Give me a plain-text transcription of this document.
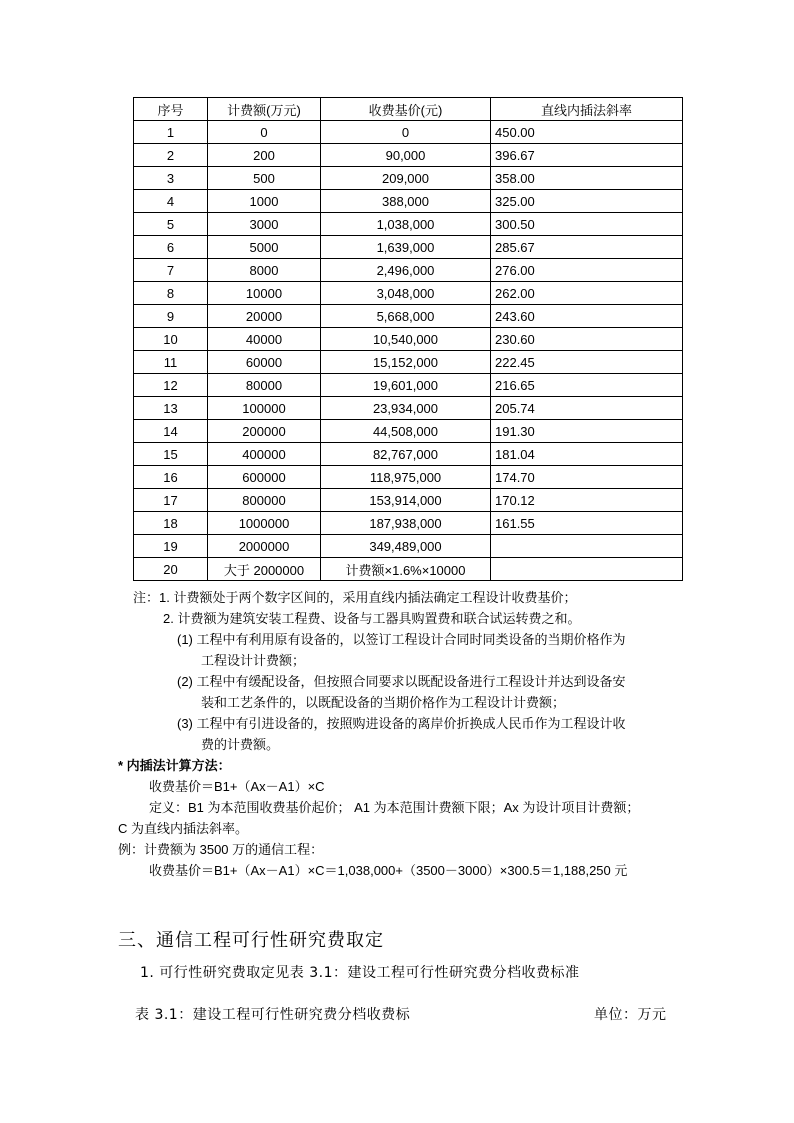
序号	计费额(万元)	收费基价(元)	直线内插法斜率
1	0	0	450.00
2	200	90,000	396.67
3	500	209,000	358.00
4	1000	388,000	325.00
5	3000	1,038,000	300.50
6	5000	1,639,000	285.67
7	8000	2,496,000	276.00
8	10000	3,048,000	262.00
9	20000	5,668,000	243.60
10	40000	10,540,000	230.60
11	60000	15,152,000	222.45
12	80000	19,601,000	216.65
13	100000	23,934,000	205.74
14	200000	44,508,000	191.30
15	400000	82,767,000	181.04
16	600000	118,975,000	174.70
17	800000	153,914,000	170.12
18	1000000	187,938,000	161.55
19	2000000	349,489,000	
20	大于 2000000	计费额×1.6%×10000	
注：1. 计费额处于两个数字区间的，采用直线内插法确定工程设计收费基价；
2. 计费额为建筑安装工程费、设备与工器具购置费和联合试运转费之和。
(1) 工程中有利用原有设备的，以签订工程设计合同时同类设备的当期价格作为
工程设计计费额；
(2) 工程中有缓配设备，但按照合同要求以既配设备进行工程设计并达到设备安
装和工艺条件的，以既配设备的当期价格作为工程设计计费额；
(3) 工程中有引进设备的，按照购进设备的离岸价折换成人民币作为工程设计收
费的计费额。
* 内插法计算方法：
收费基价＝B1+（Ax－A1）×C
定义：B1 为本范围收费基价起价； A1 为本范围计费额下限；Ax 为设计项目计费额；
C 为直线内插法斜率。
例：计费额为 3500 万的通信工程：
收费基价＝B1+（Ax－A1）×C＝1,038,000+（3500－3000）×300.5＝1,188,250 元
三、通信工程可行性研究费取定
1. 可行性研究费取定见表 3.1：建设工程可行性研究费分档收费标准
表 3.1：建设工程可行性研究费分档收费标	单位：万元
